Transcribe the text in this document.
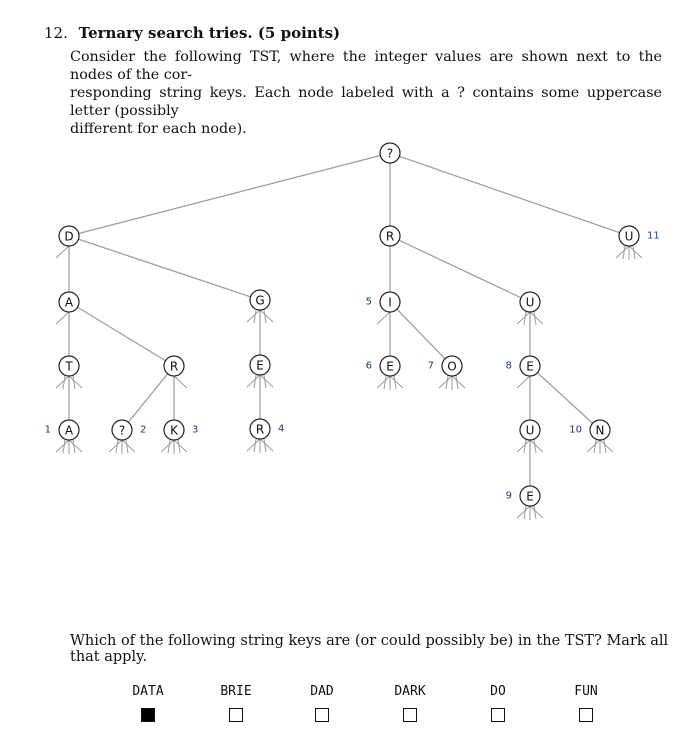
12. Ternary search tries. (5 points)
Consider the following TST, where the integer values are shown next to the nodes of the cor-
responding string keys. Each node labeled with a ? contains some uppercase letter (possibly
different for each node).
?
D	R	U 11
A	G	I
5	U
T	R	E	E
6	O
7	E
8
A
1	? 2 K 3	R 4	U	N
10
E
9
Which of the following string keys are (or could possibly be) in the TST? Mark all that apply.
DATA	BRIE	DAD	DARK	DO	FUN
